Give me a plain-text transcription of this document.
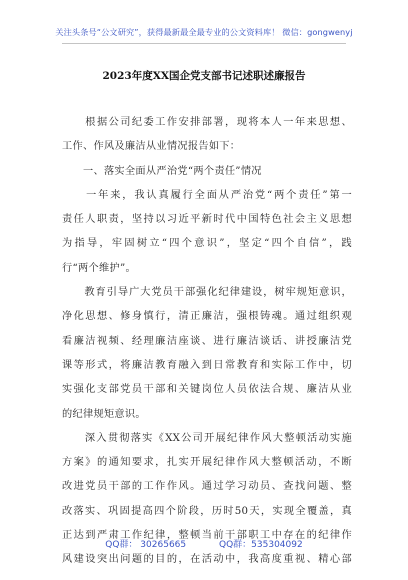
关注头条号“公文研究”，获得最新最全最专业的公文资料库！ 微信：gongwenyj
2023年度XX国企党支部书记述职述廉报告
　　根据公司纪委工作安排部署，现将本人一年来思想、
工作、作风及廉洁从业情况报告如下：
　　一、落实全面从严治党“两个责任”情况
　　一年来，我认真履行全面从严治党“两个责任”第一
责任人职责，坚持以习近平新时代中国特色社会主义思想
为指导，牢固树立“四个意识”，坚定“四个自信”，践
行“两个维护”。
　　教育引导广大党员干部强化纪律建设，树牢规矩意识，
净化思想、修身慎行，清正廉洁，强根铸魂。通过组织观
看廉洁视频、经理廉洁座谈、进行廉洁谈话、讲授廉洁党
课等形式，将廉洁教育融入到日常教育和实际工作中，切
实强化支部党员干部和关键岗位人员依法合规、廉洁从业
的纪律规矩意识。
　　深入贯彻落实《XX公司开展纪律作风大整顿活动实施
方案》的通知要求，扎实开展纪律作风大整顿活动，不断
改进党员干部的工作作风。通过学习动员、查找问题、整
改落实、巩固提高四个阶段，历时50天，实现全覆盖，真
正达到严肃工作纪律，整顿当前干部职工中存在的纪律作
风建设突出问题的目的，在活动中，我高度重视、精心部
QQ群： 30265665	QQ群：535304092
